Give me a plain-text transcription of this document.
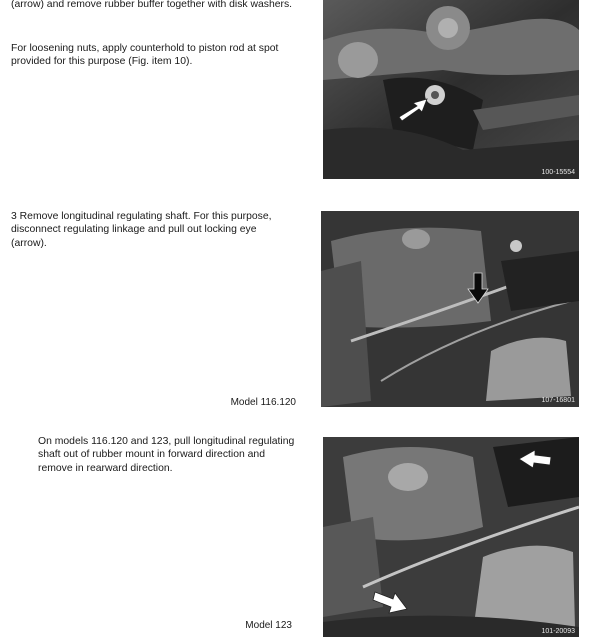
(arrow) and remove rubber buffer together with disk washers.

For loosening nuts, apply counterhold to piston rod at spot provided for this purpose (Fig. item 10).

100-15554

3 Remove longitudinal regulating shaft. For this purpose, disconnect regulating linkage and pull out locking eye (arrow).

107-16801
Model 116.120

On models 116.120 and 123, pull longitudinal regulating shaft out of rubber mount in forward direction and remove in rearward direction.

101-20093
Model 123
